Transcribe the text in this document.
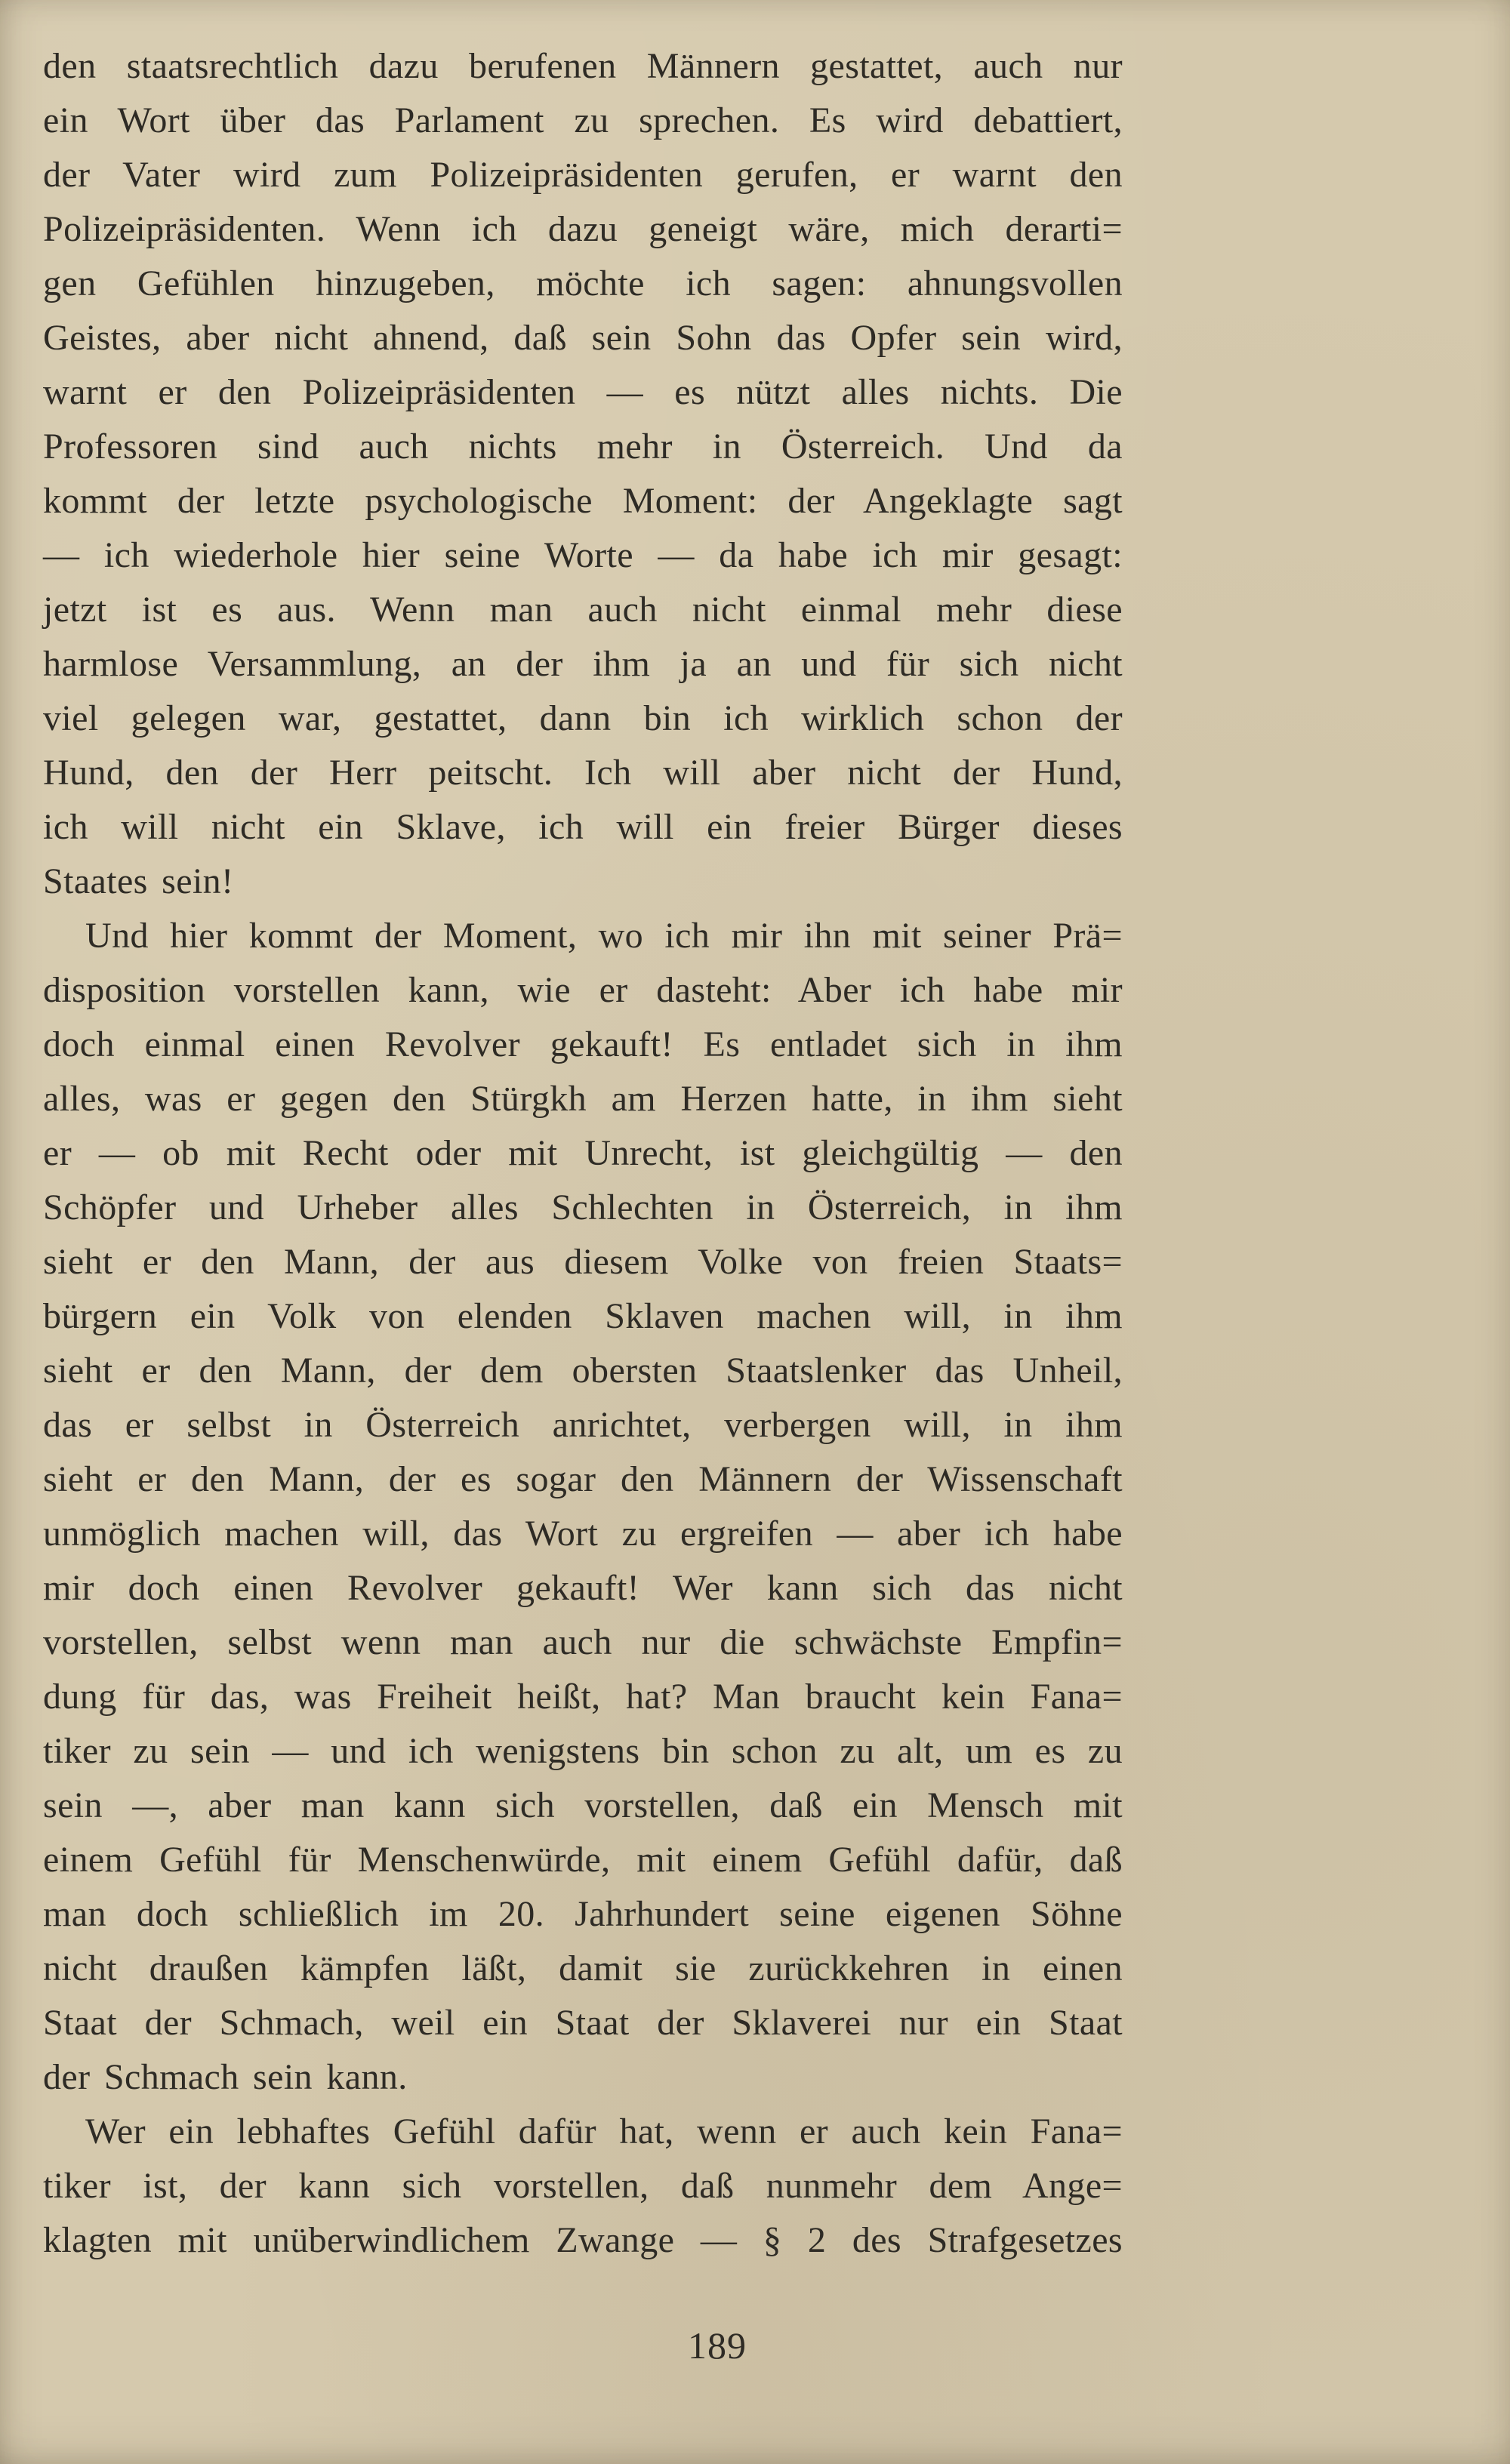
den staatsrechtlich dazu berufenen Männern gestattet, auch nur
ein Wort über das Parlament zu sprechen. Es wird debattiert,
der Vater wird zum Polizeipräsidenten gerufen, er warnt den
Polizeipräsidenten. Wenn ich dazu geneigt wäre, mich derarti=
gen Gefühlen hinzugeben, möchte ich sagen: ahnungsvollen
Geistes, aber nicht ahnend, daß sein Sohn das Opfer sein wird,
warnt er den Polizeipräsidenten — es nützt alles nichts. Die
Professoren sind auch nichts mehr in Österreich. Und da
kommt der letzte psychologische Moment: der Angeklagte sagt
— ich wiederhole hier seine Worte — da habe ich mir gesagt:
jetzt ist es aus. Wenn man auch nicht einmal mehr diese
harmlose Versammlung, an der ihm ja an und für sich nicht
viel gelegen war, gestattet, dann bin ich wirklich schon der
Hund, den der Herr peitscht. Ich will aber nicht der Hund,
ich will nicht ein Sklave, ich will ein freier Bürger dieses
Staates sein!
Und hier kommt der Moment, wo ich mir ihn mit seiner Prä=
disposition vorstellen kann, wie er dasteht: Aber ich habe mir
doch einmal einen Revolver gekauft! Es entladet sich in ihm
alles, was er gegen den Stürgkh am Herzen hatte, in ihm sieht
er — ob mit Recht oder mit Unrecht, ist gleichgültig — den
Schöpfer und Urheber alles Schlechten in Österreich, in ihm
sieht er den Mann, der aus diesem Volke von freien Staats=
bürgern ein Volk von elenden Sklaven machen will, in ihm
sieht er den Mann, der dem obersten Staatslenker das Unheil,
das er selbst in Österreich anrichtet, verbergen will, in ihm
sieht er den Mann, der es sogar den Männern der Wissenschaft
unmöglich machen will, das Wort zu ergreifen — aber ich habe
mir doch einen Revolver gekauft! Wer kann sich das nicht
vorstellen, selbst wenn man auch nur die schwächste Empfin=
dung für das, was Freiheit heißt, hat? Man braucht kein Fana=
tiker zu sein — und ich wenigstens bin schon zu alt, um es zu
sein —, aber man kann sich vorstellen, daß ein Mensch mit
einem Gefühl für Menschenwürde, mit einem Gefühl dafür, daß
man doch schließlich im 20. Jahrhundert seine eigenen Söhne
nicht draußen kämpfen läßt, damit sie zurückkehren in einen
Staat der Schmach, weil ein Staat der Sklaverei nur ein Staat
der Schmach sein kann.
Wer ein lebhaftes Gefühl dafür hat, wenn er auch kein Fana=
tiker ist, der kann sich vorstellen, daß nunmehr dem Ange=
klagten mit unüberwindlichem Zwange — § 2 des Strafgesetzes
189
